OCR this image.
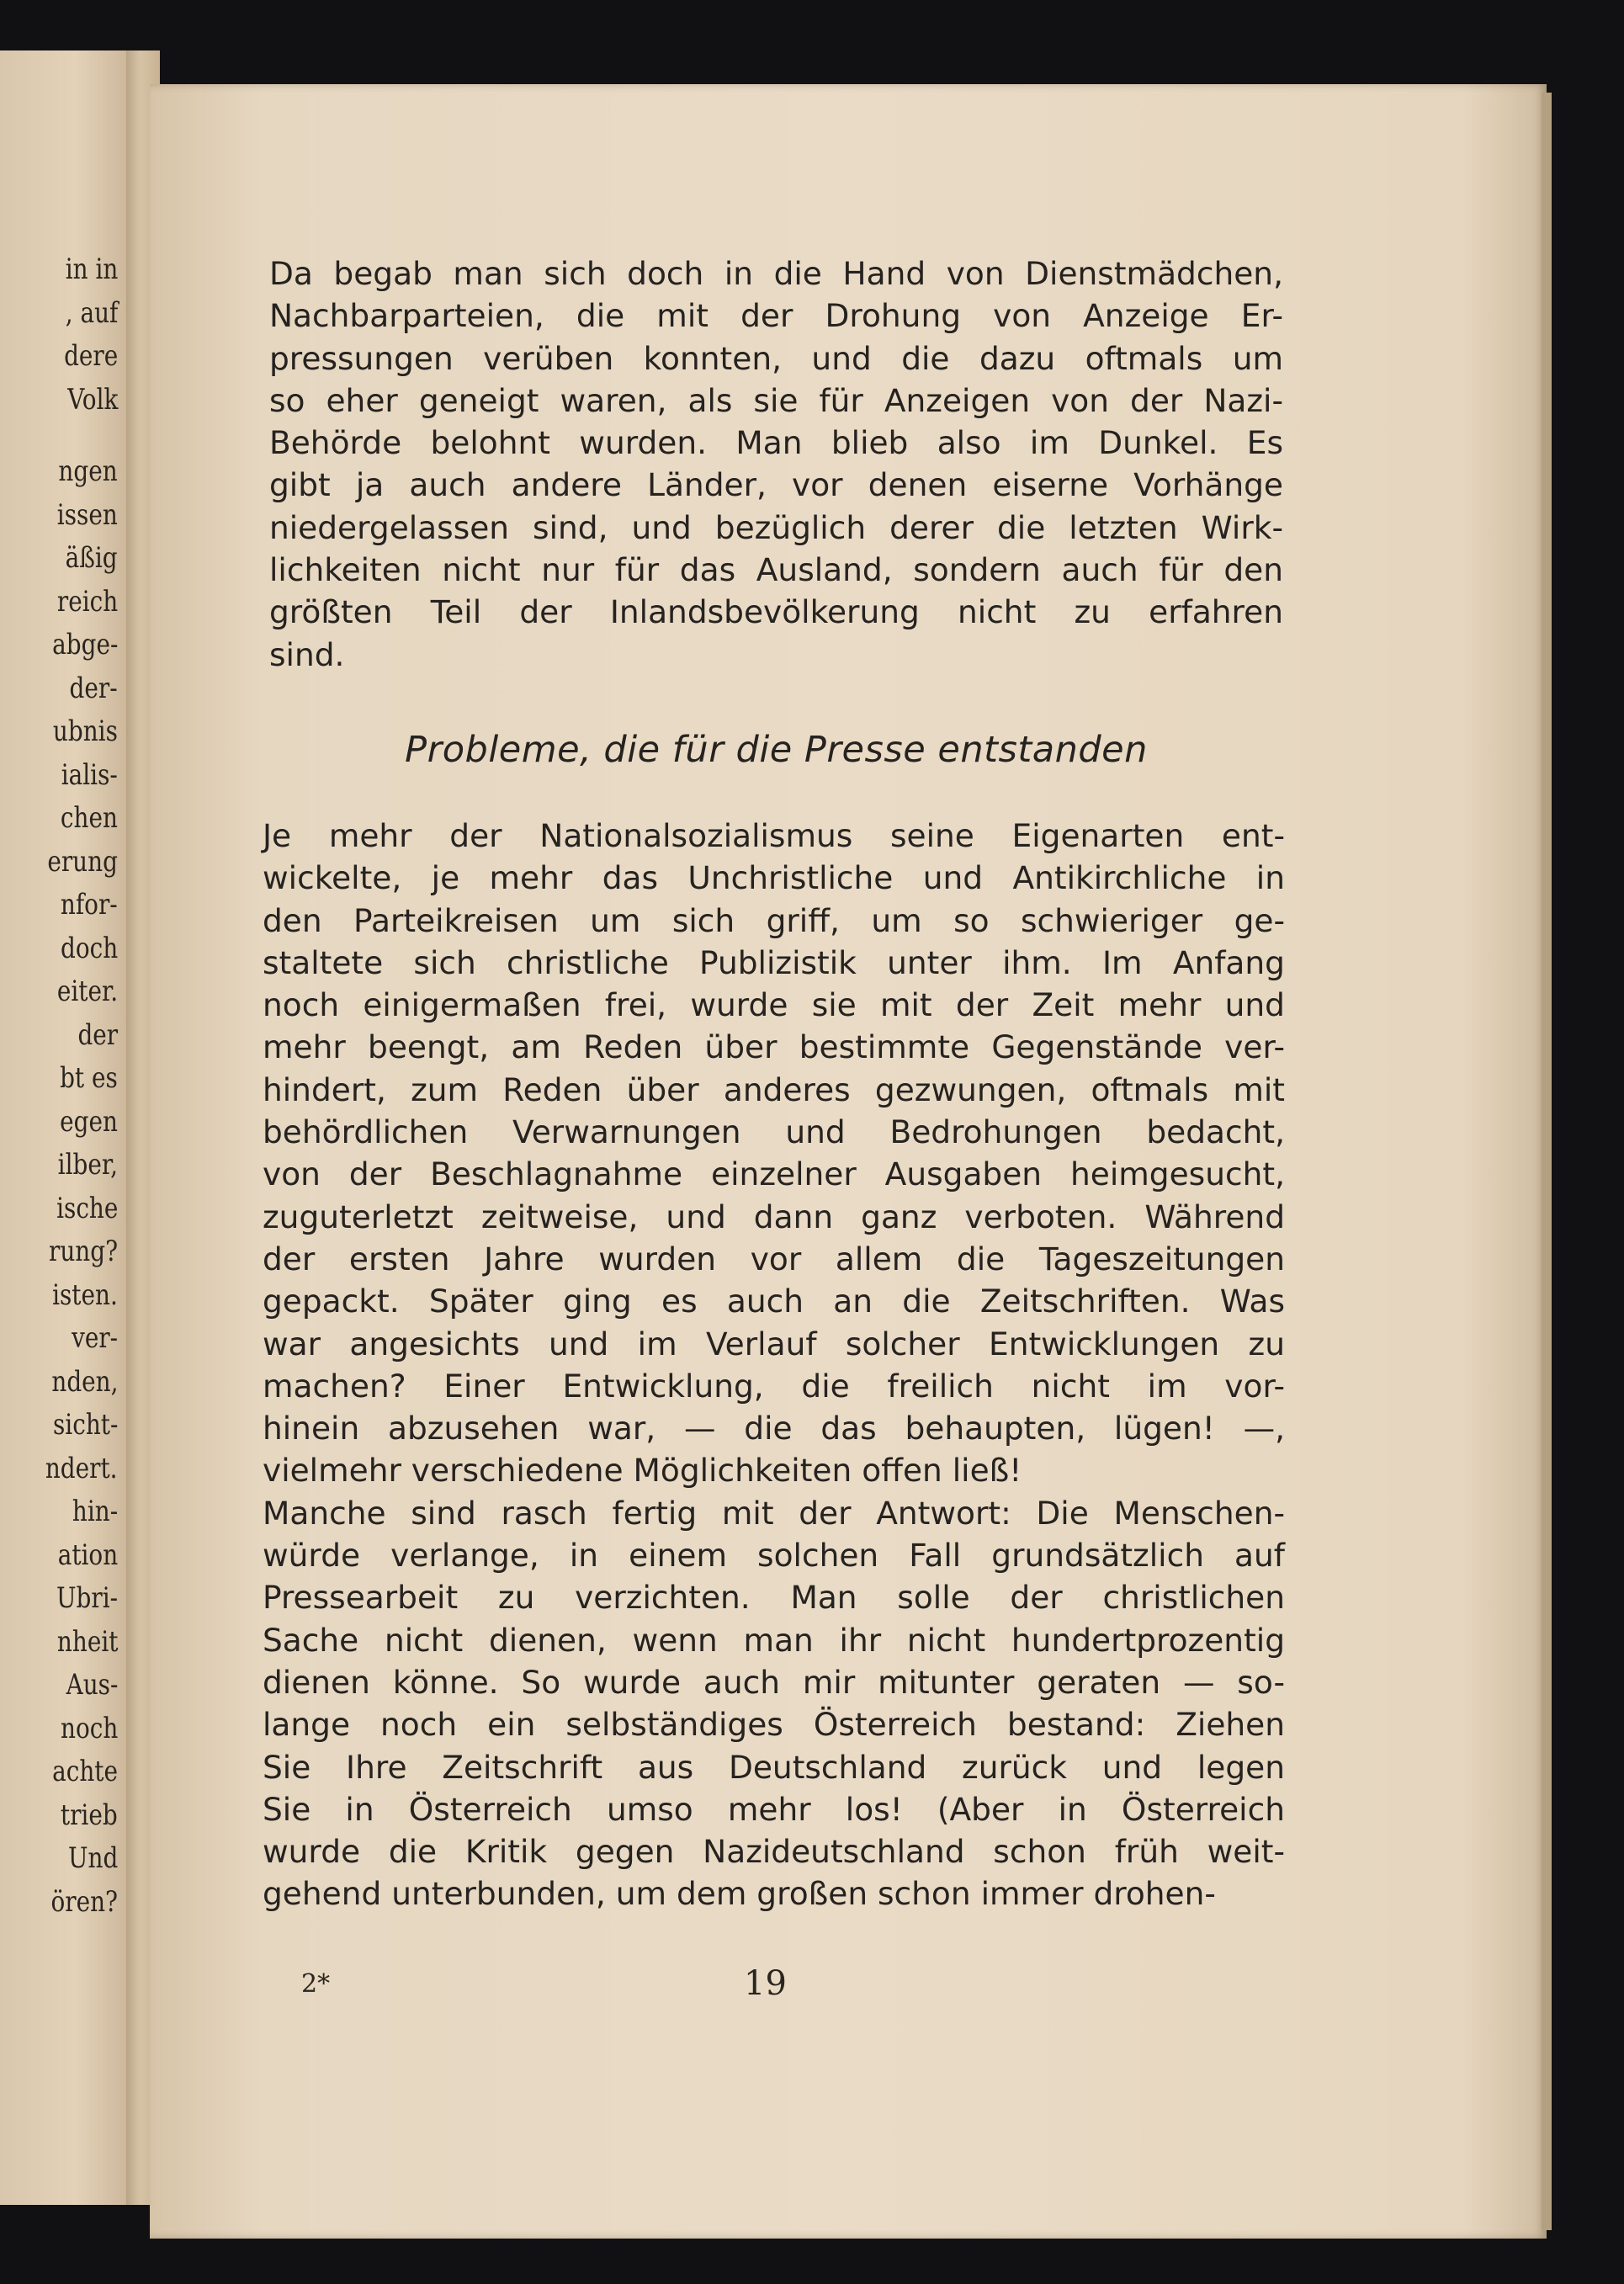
in in
, auf
dere
Volk
ngen
issen
äßig
reich
abge-
der-
ubnis
ialis-
chen
erung
nfor-
doch
eiter.
der
bt es
egen
ilber,
ische
rung?
isten.
ver-
nden,
sicht-
ndert.
hin-
ation
Ubri-
nheit
Aus-
noch
achte
trieb
Und
ören?

Da begab man sich doch in die Hand von Dienstmädchen,
Nachbarparteien, die mit der Drohung von Anzeige Er-
pressungen verüben konnten, und die dazu oftmals um
so eher geneigt waren, als sie für Anzeigen von der Nazi-
Behörde belohnt wurden. Man blieb also im Dunkel. Es
gibt ja auch andere Länder, vor denen eiserne Vorhänge
niedergelassen sind, und bezüglich derer die letzten Wirk-
lichkeiten nicht nur für das Ausland, sondern auch für den
größten Teil der Inlandsbevölkerung nicht zu erfahren
sind.

Probleme, die für die Presse entstanden

Je mehr der Nationalsozialismus seine Eigenarten ent-
wickelte, je mehr das Unchristliche und Antikirchliche in
den Parteikreisen um sich griff, um so schwieriger ge-
staltete sich christliche Publizistik unter ihm. Im Anfang
noch einigermaßen frei, wurde sie mit der Zeit mehr und
mehr beengt, am Reden über bestimmte Gegenstände ver-
hindert, zum Reden über anderes gezwungen, oftmals mit
behördlichen Verwarnungen und Bedrohungen bedacht,
von der Beschlagnahme einzelner Ausgaben heimgesucht,
zuguterletzt zeitweise, und dann ganz verboten. Während
der ersten Jahre wurden vor allem die Tageszeitungen
gepackt. Später ging es auch an die Zeitschriften. Was
war angesichts und im Verlauf solcher Entwicklungen zu
machen? Einer Entwicklung, die freilich nicht im vor-
hinein abzusehen war, — die das behaupten, lügen! —,
vielmehr verschiedene Möglichkeiten offen ließ!

Manche sind rasch fertig mit der Antwort: Die Menschen-
würde verlange, in einem solchen Fall grundsätzlich auf
Pressearbeit zu verzichten. Man solle der christlichen
Sache nicht dienen, wenn man ihr nicht hundertprozentig
dienen könne. So wurde auch mir mitunter geraten — so-
lange noch ein selbständiges Österreich bestand: Ziehen
Sie Ihre Zeitschrift aus Deutschland zurück und legen
Sie in Österreich umso mehr los! (Aber in Österreich
wurde die Kritik gegen Nazideutschland schon früh weit-
gehend unterbunden, um dem großen schon immer drohen-

2*	19
